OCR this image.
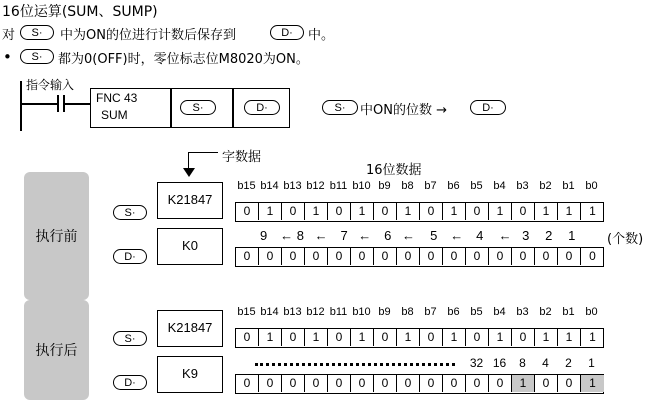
16位运算(SUM、SUMP)
对	S·	中为ON的位进行计数后保存到	D·	中。
•	S·	都为0(OFF)时，零位标志位M8020为ON。
指令输入
FNC 43
SUM	S·	D·	S·	中ON的位数 →	D·
字数据
16位数据
执行前
S·
D·
K21847
K0
b15 b14 b13 b12 b11 b10 b9 b8 b7 b6 b5 b4 b3 b2 b1 b0
0	1	0	1	0	1	0	1	0	1	0	1	0	1	1	1
9 ← 8 ← 7 ← 6 ← 5 ← 4 ← 3 2 1 (个数)
0	0	0	0	0	0	0	0	0	0	0	0	0	0	0	0
执行后
S·
D·
K21847
K9
b15 b14 b13 b12 b11 b10 b9 b8 b7 b6 b5 b4 b3 b2 b1 b0
0	1	0	1	0	1	0	1	0	1	0	1	0	1	1	1
32 16	8	4	2	1
0	0	0	0	0	0	0	0	0	0	0	0	1	0	0	1
